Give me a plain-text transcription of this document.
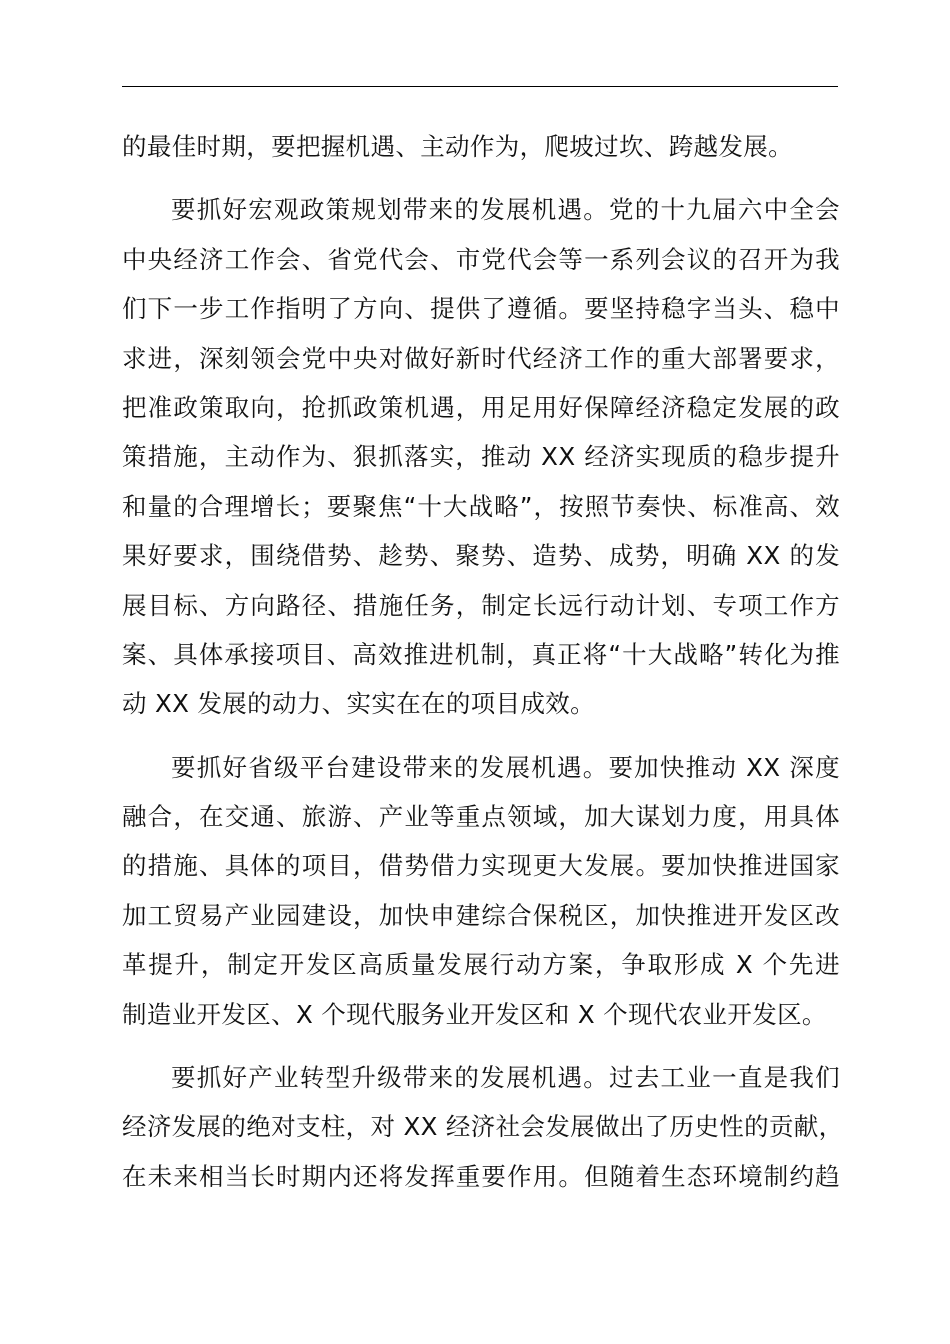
的最佳时期，要把握机遇、主动作为，爬坡过坎、跨越发展。
要抓好宏观政策规划带来的发展机遇。党的十九届六中全会
中央经济工作会、省党代会、市党代会等一系列会议的召开为我
们下一步工作指明了方向、提供了遵循。要坚持稳字当头、稳中
求进，深刻领会党中央对做好新时代经济工作的重大部署要求，
把准政策取向，抢抓政策机遇，用足用好保障经济稳定发展的政
策措施，主动作为、狠抓落实，推动 XX 经济实现质的稳步提升
和量的合理增长；要聚焦“十大战略”，按照节奏快、标准高、效
果好要求，围绕借势、趁势、聚势、造势、成势，明确 XX 的发
展目标、方向路径、措施任务，制定长远行动计划、专项工作方
案、具体承接项目、高效推进机制，真正将“十大战略”转化为推
动 XX 发展的动力、实实在在的项目成效。
要抓好省级平台建设带来的发展机遇。要加快推动 XX 深度
融合，在交通、旅游、产业等重点领域，加大谋划力度，用具体
的措施、具体的项目，借势借力实现更大发展。要加快推进国家
加工贸易产业园建设，加快申建综合保税区，加快推进开发区改
革提升，制定开发区高质量发展行动方案，争取形成 X 个先进
制造业开发区、X 个现代服务业开发区和 X 个现代农业开发区。
要抓好产业转型升级带来的发展机遇。过去工业一直是我们
经济发展的绝对支柱，对 XX 经济社会发展做出了历史性的贡献，
在未来相当长时期内还将发挥重要作用。但随着生态环境制约趋
